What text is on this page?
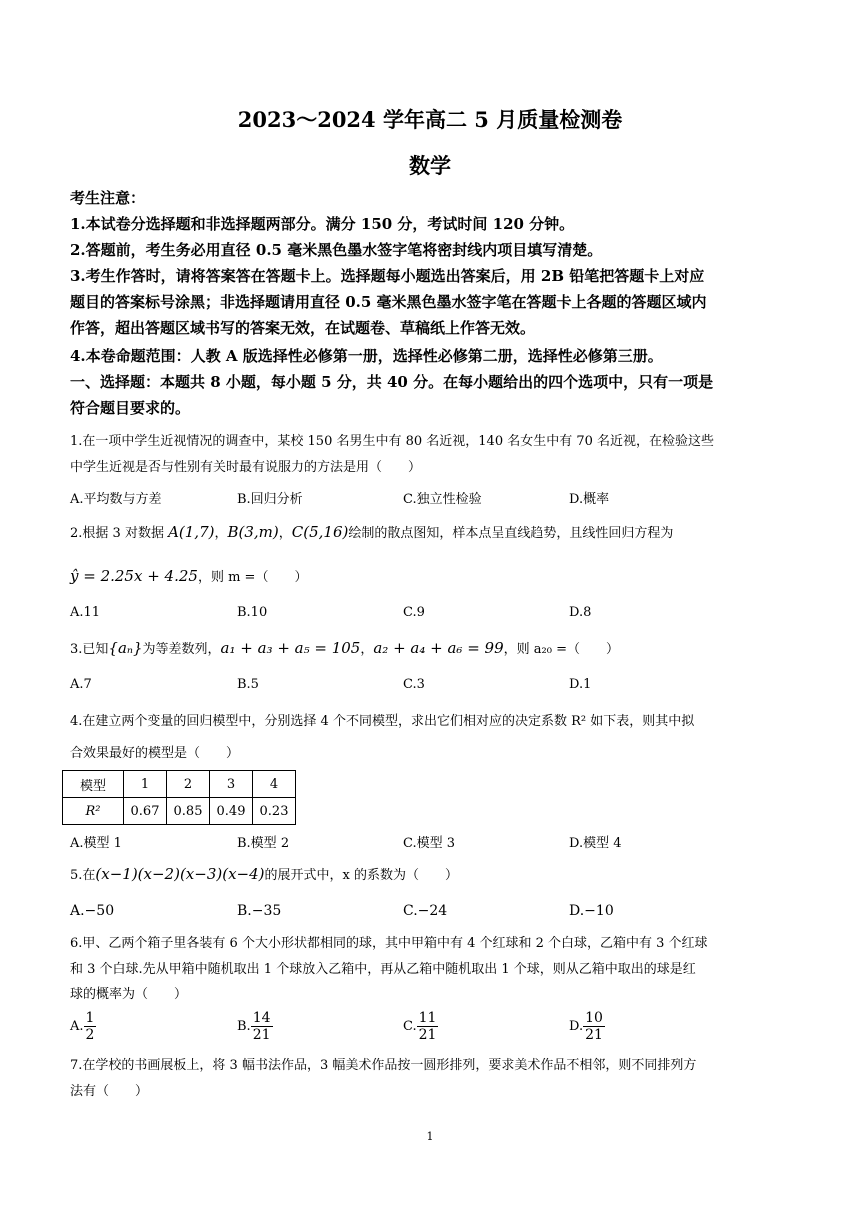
2023～2024 学年高二 5 月质量检测卷
数学
考生注意：
1.本试卷分选择题和非选择题两部分。满分 150 分，考试时间 120 分钟。
2.答题前，考生务必用直径 0.5 毫米黑色墨水签字笔将密封线内项目填写清楚。
3.考生作答时，请将答案答在答题卡上。选择题每小题选出答案后，用 2B 铅笔把答题卡上对应
题目的答案标号涂黑；非选择题请用直径 0.5 毫米黑色墨水签字笔在答题卡上各题的答题区域内
作答，超出答题区域书写的答案无效，在试题卷、草稿纸上作答无效。
4.本卷命题范围：人教 A 版选择性必修第一册，选择性必修第二册，选择性必修第三册。
一、选择题：本题共 8 小题，每小题 5 分，共 40 分。在每小题给出的四个选项中，只有一项是
符合题目要求的。
1.在一项中学生近视情况的调查中，某校 150 名男生中有 80 名近视，140 名女生中有 70 名近视，在检验这些
中学生近视是否与性别有关时最有说服力的方法是用（　　）
A.平均数与方差	B.回归分析	C.独立性检验	D.概率
2.根据 3 对数据 A(1,7)，B(3,m)，C(5,16)绘制的散点图知，样本点呈直线趋势，且线性回归方程为
ŷ = 2.25x + 4.25，则 m =（　　）
A.11	B.10	C.9	D.8
3.已知{aₙ}为等差数列，a₁ + a₃ + a₅ = 105，a₂ + a₄ + a₆ = 99，则 a₂₀ =（　　）
A.7	B.5	C.3	D.1
4.在建立两个变量的回归模型中，分别选择 4 个不同模型，求出它们相对应的决定系数 R² 如下表，则其中拟
合效果最好的模型是（　　）
模型	1	2	3	4
R²	0.67	0.85	0.49	0.23
A.模型 1	B.模型 2	C.模型 3	D.模型 4
5.在(x−1)(x−2)(x−3)(x−4)的展开式中，x 的系数为（　　）
A.−50	B.−35	C.−24	D.−10
6.甲、乙两个箱子里各装有 6 个大小形状都相同的球，其中甲箱中有 4 个红球和 2 个白球，乙箱中有 3 个红球
和 3 个白球.先从甲箱中随机取出 1 个球放入乙箱中，再从乙箱中随机取出 1 个球，则从乙箱中取出的球是红
球的概率为（　　）
A. $\frac{1}{2}$	B. $\frac{14}{21}$	C. $\frac{11}{21}$	D. $\frac{10}{21}$
7.在学校的书画展板上，将 3 幅书法作品，3 幅美术作品按一圆形排列，要求美术作品不相邻，则不同排列方
法有（　　）
1
